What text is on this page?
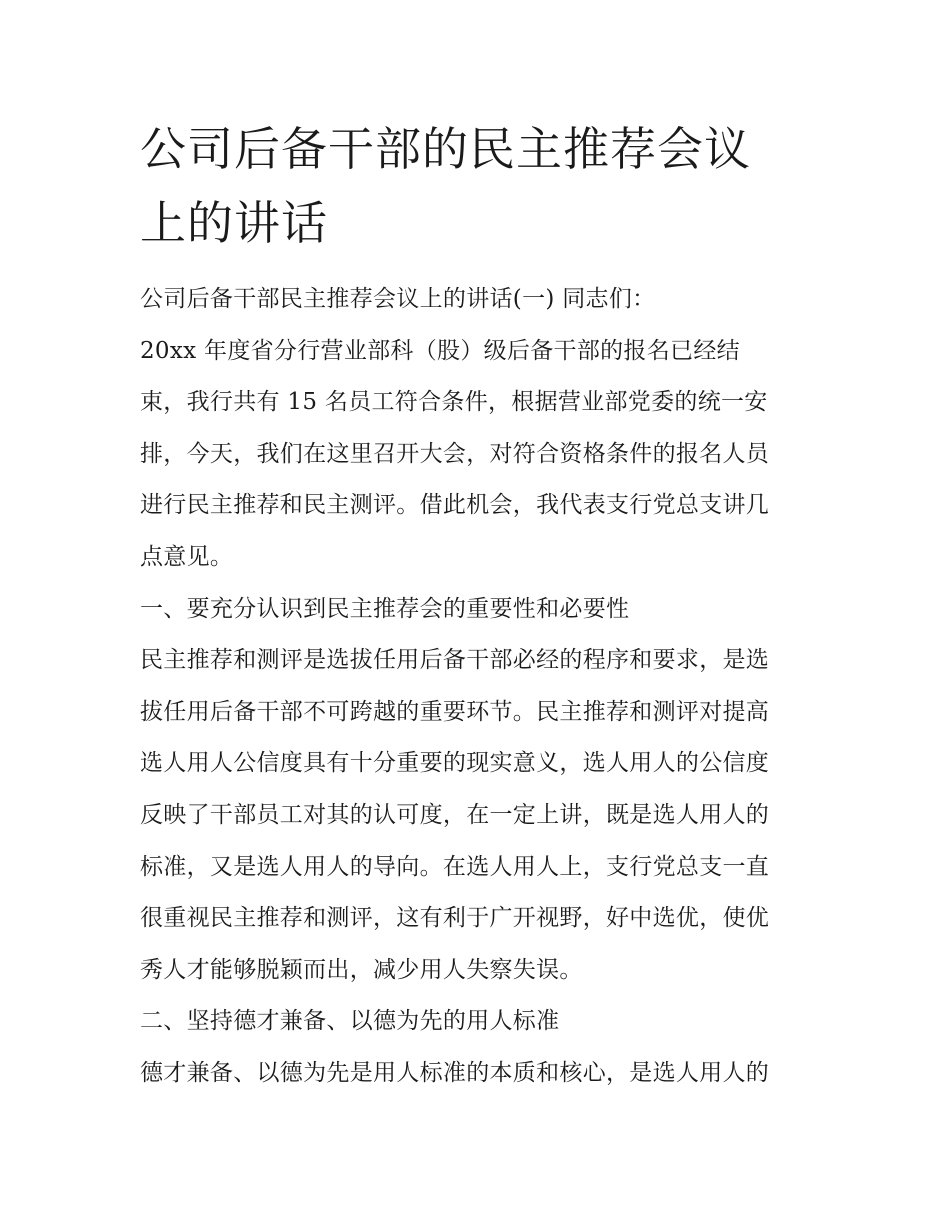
公司后备干部的民主推荐会议
上的讲话
公司后备干部民主推荐会议上的讲话(一) 同志们：
20xx 年度省分行营业部科（股）级后备干部的报名已经结
束，我行共有 15 名员工符合条件，根据营业部党委的统一安
排，今天，我们在这里召开大会，对符合资格条件的报名人员
进行民主推荐和民主测评。借此机会，我代表支行党总支讲几
点意见。
一、要充分认识到民主推荐会的重要性和必要性
民主推荐和测评是选拔任用后备干部必经的程序和要求，是选
拔任用后备干部不可跨越的重要环节。民主推荐和测评对提高
选人用人公信度具有十分重要的现实意义，选人用人的公信度
反映了干部员工对其的认可度，在一定上讲，既是选人用人的
标准，又是选人用人的导向。在选人用人上，支行党总支一直
很重视民主推荐和测评，这有利于广开视野，好中选优，使优
秀人才能够脱颖而出，减少用人失察失误。
二、坚持德才兼备、以德为先的用人标准
德才兼备、以德为先是用人标准的本质和核心，是选人用人的
